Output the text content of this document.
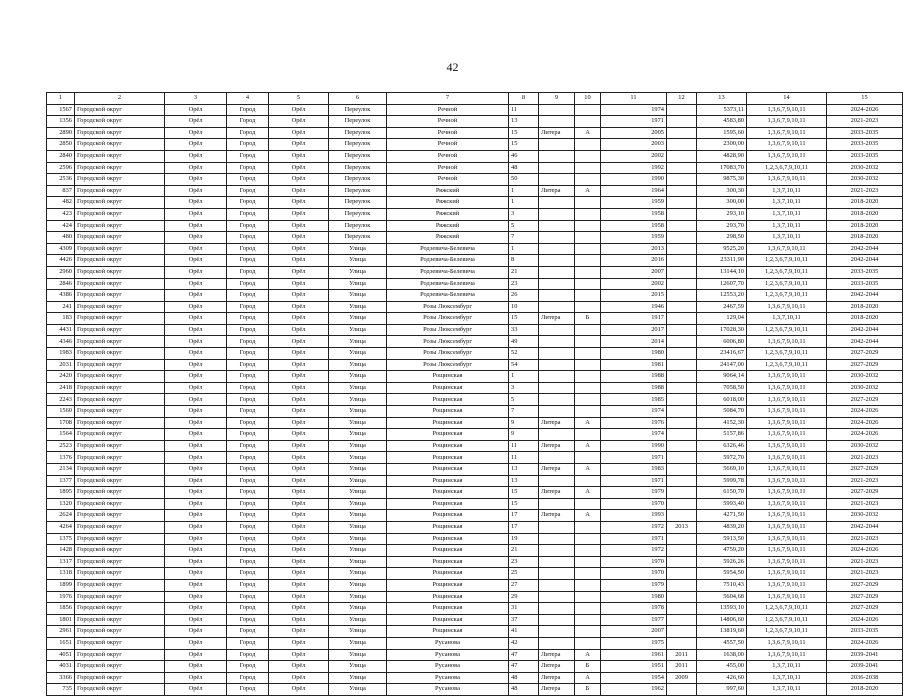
42
1	2	3	4	5	6	7	8	9	10	11	12	13	14	15
1567	Городской округ	Орёл	Город	Орёл	Переулок	Речной	11			1974		5373,11	1,3,6,7,9,10,11	2024-2026
1356	Городской округ	Орёл	Город	Орёл	Переулок	Речной	13			1971		4583,80	1,3,6,7,9,10,11	2021-2023
2890	Городской округ	Орёл	Город	Орёл	Переулок	Речной	15	Литера	А	2005		1595,60	1,3,6,7,9,10,11	2033-2035
2850	Городской округ	Орёл	Город	Орёл	Переулок	Речной	15			2003		2300,00	1,3,6,7,9,10,11	2033-2035
2840	Городской округ	Орёл	Город	Орёл	Переулок	Речной	46			2002		4828,90	1,3,6,7,9,10,11	2033-2035
2596	Городской округ	Орёл	Город	Орёл	Переулок	Речной	48			1992		17083,70	1,2,3,6,7,9,10,11	2030-2032
2536	Городской округ	Орёл	Город	Орёл	Переулок	Речной	50			1990		9875,30	1,3,6,7,9,10,11	2030-2032
837	Городской округ	Орёл	Город	Орёл	Переулок	Ряжский	1	Литера	А	1964		300,30	1,3,7,10,11	2021-2023
482	Городской округ	Орёл	Город	Орёл	Переулок	Ряжский	1			1959		300,00	1,3,7,10,11	2018-2020
423	Городской округ	Орёл	Город	Орёл	Переулок	Ряжский	3			1958		293,10	1,3,7,10,11	2018-2020
424	Городской округ	Орёл	Город	Орёл	Переулок	Ряжский	5			1958		293,70	1,3,7,10,11	2018-2020
480	Городской округ	Орёл	Город	Орёл	Переулок	Ряжский	7			1959		298,50	1,3,7,10,11	2018-2020
4309	Городской округ	Орёл	Город	Орёл	Улица	Родзевича-Белевича	1			2013		9525,20	1,3,6,7,9,10,11	2042-2044
4426	Городской округ	Орёл	Город	Орёл	Улица	Родзевича-Белевича	8			2016		23311,90	1,2,3,6,7,9,10,11	2042-2044
2960	Городской округ	Орёл	Город	Орёл	Улица	Родзевича-Белевича	21			2007		13144,10	1,2,3,6,7,9,10,11	2033-2035
2846	Городской округ	Орёл	Город	Орёл	Улица	Родзевича-Белевича	23			2002		12607,70	1,2,3,6,7,9,10,11	2033-2035
4386	Городской округ	Орёл	Город	Орёл	Улица	Родзевича-Белевича	26			2015		12553,20	1,2,3,6,7,9,10,11	2042-2044
241	Городской округ	Орёл	Город	Орёл	Улица	Розы Люксембург	10			1946		2467,59	1,3,6,7,9,10,11	2018-2020
183	Городской округ	Орёл	Город	Орёл	Улица	Розы Люксембург	15	Литера	Б	1917		129,04	1,3,7,10,11	2018-2020
4431	Городской округ	Орёл	Город	Орёл	Улица	Розы Люксембург	33			2017		17028,30	1,2,3,6,7,9,10,11	2042-2044
4346	Городской округ	Орёл	Город	Орёл	Улица	Розы Люксембург	49			2014		6006,80	1,3,6,7,9,10,11	2042-2044
1983	Городской округ	Орёл	Город	Орёл	Улица	Розы Люксембург	52			1980		23416,67	1,2,3,6,7,9,10,11	2027-2029
2031	Городской округ	Орёл	Город	Орёл	Улица	Розы Люксембург	54			1981		24147,00	1,2,3,6,7,9,10,11	2027-2029
2420	Городской округ	Орёл	Город	Орёл	Улица	Рощинская	1			1988		9064,14	1,3,6,7,9,10,11	2030-2032
2418	Городской округ	Орёл	Город	Орёл	Улица	Рощинская	3			1988		7058,50	1,3,6,7,9,10,11	2030-2032
2243	Городской округ	Орёл	Город	Орёл	Улица	Рощинская	5			1985		6018,00	1,3,6,7,9,10,11	2027-2029
1560	Городской округ	Орёл	Город	Орёл	Улица	Рощинская	7			1974		5084,70	1,3,6,7,9,10,11	2024-2026
1708	Городской округ	Орёл	Город	Орёл	Улица	Рощинская	9	Литера	А	1976		4152,30	1,3,6,7,9,10,11	2024-2026
1564	Городской округ	Орёл	Город	Орёл	Улица	Рощинская	9			1974		5157,86	1,3,6,7,9,10,11	2024-2026
2523	Городской округ	Орёл	Город	Орёл	Улица	Рощинская	11	Литера	А	1990		6326,46	1,3,6,7,9,10,11	2030-2032
1376	Городской округ	Орёл	Город	Орёл	Улица	Рощинская	11			1971		5972,70	1,3,6,7,9,10,11	2021-2023
2134	Городской округ	Орёл	Город	Орёл	Улица	Рощинская	13	Литера	А	1983		5669,10	1,3,6,7,9,10,11	2027-2029
1377	Городской округ	Орёл	Город	Орёл	Улица	Рощинская	13			1971		5999,78	1,3,6,7,9,10,11	2021-2023
1895	Городской округ	Орёл	Город	Орёл	Улица	Рощинская	15	Литера	А	1979		6150,70	1,3,6,7,9,10,11	2027-2029
1320	Городской округ	Орёл	Город	Орёл	Улица	Рощинская	15			1970		5993,40	1,3,6,7,9,10,11	2021-2023
2624	Городской округ	Орёл	Город	Орёл	Улица	Рощинская	17	Литера	А	1993		4271,50	1,3,6,7,9,10,11	2030-2032
4264	Городской округ	Орёл	Город	Орёл	Улица	Рощинская	17			1972	2013	4839,20	1,3,6,7,9,10,11	2042-2044
1375	Городской округ	Орёл	Город	Орёл	Улица	Рощинская	19			1971		5913,50	1,3,6,7,9,10,11	2021-2023
1428	Городской округ	Орёл	Город	Орёл	Улица	Рощинская	21			1972		4759,20	1,3,6,7,9,10,11	2024-2026
1317	Городской округ	Орёл	Город	Орёл	Улица	Рощинская	23			1970		5926,26	1,3,6,7,9,10,11	2021-2023
1318	Городской округ	Орёл	Город	Орёл	Улица	Рощинская	25			1970		5954,50	1,3,6,7,9,10,11	2021-2023
1899	Городской округ	Орёл	Город	Орёл	Улица	Рощинская	27			1979		7510,43	1,3,6,7,9,10,11	2027-2029
1976	Городской округ	Орёл	Город	Орёл	Улица	Рощинская	29			1980		5604,68	1,3,6,7,9,10,11	2027-2029
1856	Городской округ	Орёл	Город	Орёл	Улица	Рощинская	31			1978		13593,10	1,2,3,6,7,9,10,11	2027-2029
1801	Городской округ	Орёл	Город	Орёл	Улица	Рощинская	37			1977		14806,60	1,2,3,6,7,9,10,11	2024-2026
2961	Городской округ	Орёл	Город	Орёл	Улица	Рощинская	41			2007		13819,60	1,2,3,6,7,9,10,11	2033-2035
1651	Городской округ	Орёл	Город	Орёл	Улица	Русанова	42			1975		4557,50	1,3,6,7,9,10,11	2024-2026
4051	Городской округ	Орёл	Город	Орёл	Улица	Русанова	47	Литера	А	1961	2011	1638,00	1,3,6,7,9,10,11	2039-2041
4031	Городской округ	Орёл	Город	Орёл	Улица	Русанова	47	Литера	Б	1951	2011	455,00	1,3,7,10,11	2039-2041
3366	Городской округ	Орёл	Город	Орёл	Улица	Русанова	48	Литера	А	1954	2009	426,60	1,3,7,10,11	2036-2038
735	Городской округ	Орёл	Город	Орёл	Улица	Русанова	48	Литера	Б	1962		997,60	1,3,7,10,11	2018-2020
